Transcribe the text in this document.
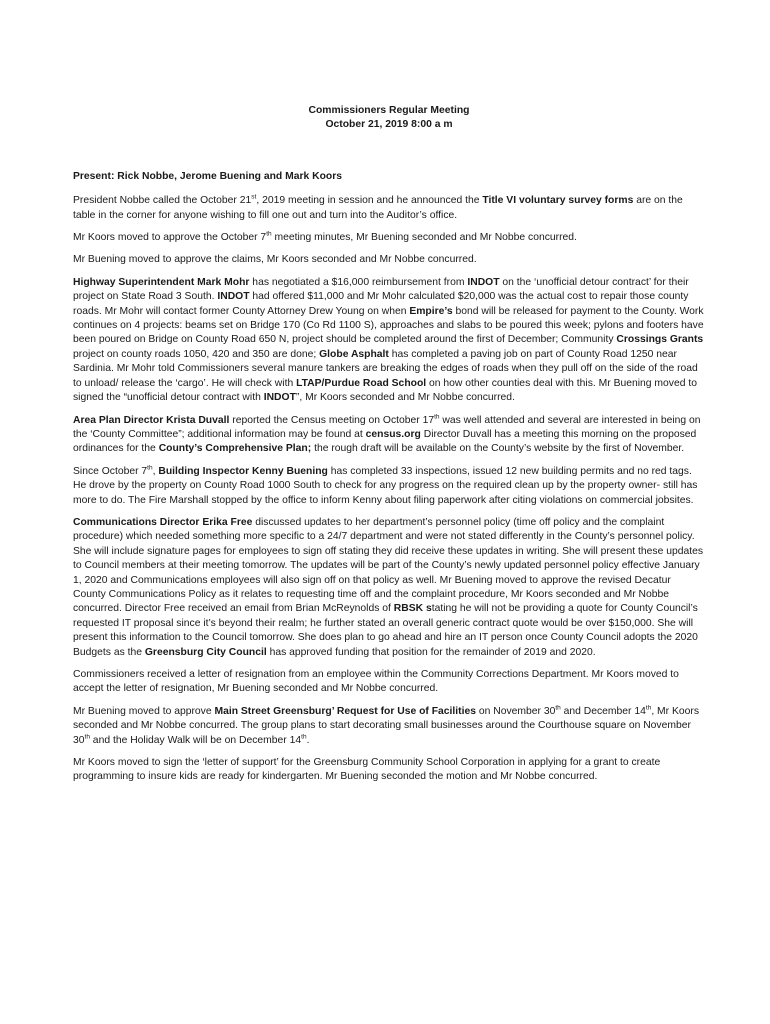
Commissioners Regular Meeting
October 21, 2019 8:00 a m
Present: Rick Nobbe, Jerome Buening and Mark Koors

President Nobbe called the October 21st, 2019 meeting in session and he announced the Title VI voluntary survey forms are on the table in the corner for anyone wishing to fill one out and turn into the Auditor’s office.

Mr Koors moved to approve the October 7th meeting minutes, Mr Buening seconded and Mr Nobbe concurred.

Mr Buening moved to approve the claims, Mr Koors seconded and Mr Nobbe concurred.

Highway Superintendent Mark Mohr has negotiated a $16,000 reimbursement from INDOT on the ‘unofficial detour contract’ for their project on State Road 3 South. INDOT had offered $11,000 and Mr Mohr calculated $20,000 was the actual cost to repair those county roads. Mr Mohr will contact former County Attorney Drew Young on when Empire’s bond will be released for payment to the County. Work continues on 4 projects: beams set on Bridge 170 (Co Rd 1100 S), approaches and slabs to be poured this week; pylons and footers have been poured on Bridge on County Road 650 N, project should be completed around the first of December; Community Crossings Grants project on county roads 1050, 420 and 350 are done; Globe Asphalt has completed a paving job on part of County Road 1250 near Sardinia. Mr Mohr told Commissioners several manure tankers are breaking the edges of roads when they pull off on the side of the road to unload/ release the ‘cargo’. He will check with LTAP/Purdue Road School on how other counties deal with this. Mr Buening moved to signed the “unofficial detour contract with INDOT”, Mr Koors seconded and Mr Nobbe concurred.

Area Plan Director Krista Duvall reported the Census meeting on October 17th was well attended and several are interested in being on the ‘County Committee”; additional information may be found at census.org Director Duvall has a meeting this morning on the proposed ordinances for the County’s Comprehensive Plan; the rough draft will be available on the County’s website by the first of November.

Since October 7th, Building Inspector Kenny Buening has completed 33 inspections, issued 12 new building permits and no red tags. He drove by the property on County Road 1000 South to check for any progress on the required clean up by the property owner- still has more to do. The Fire Marshall stopped by the office to inform Kenny about filing paperwork after citing violations on commercial jobsites.

Communications Director Erika Free discussed updates to her department’s personnel policy (time off policy and the complaint procedure) which needed something more specific to a 24/7 department and were not stated differently in the County’s personnel policy. She will include signature pages for employees to sign off stating they did receive these updates in writing. She will present these updates to Council members at their meeting tomorrow. The updates will be part of the County’s newly updated personnel policy effective January 1, 2020 and Communications employees will also sign off on that policy as well. Mr Buening moved to approve the revised Decatur County Communications Policy as it relates to requesting time off and the complaint procedure, Mr Koors seconded and Mr Nobbe concurred. Director Free received an email from Brian McReynolds of RBSK stating he will not be providing a quote for County Council’s requested IT proposal since it’s beyond their realm; he further stated an overall generic contract quote would be over $150,000. She will present this information to the Council tomorrow. She does plan to go ahead and hire an IT person once County Council adopts the 2020 Budgets as the Greensburg City Council has approved funding that position for the remainder of 2019 and 2020.

Commissioners received a letter of resignation from an employee within the Community Corrections Department. Mr Koors moved to accept the letter of resignation, Mr Buening seconded and Mr Nobbe concurred.

Mr Buening moved to approve Main Street Greensburg’ Request for Use of Facilities on November 30th and December 14th, Mr Koors seconded and Mr Nobbe concurred. The group plans to start decorating small businesses around the Courthouse square on November 30th and the Holiday Walk will be on December 14th.

Mr Koors moved to sign the ‘letter of support’ for the Greensburg Community School Corporation in applying for a grant to create programming to insure kids are ready for kindergarten. Mr Buening seconded the motion and Mr Nobbe concurred.
